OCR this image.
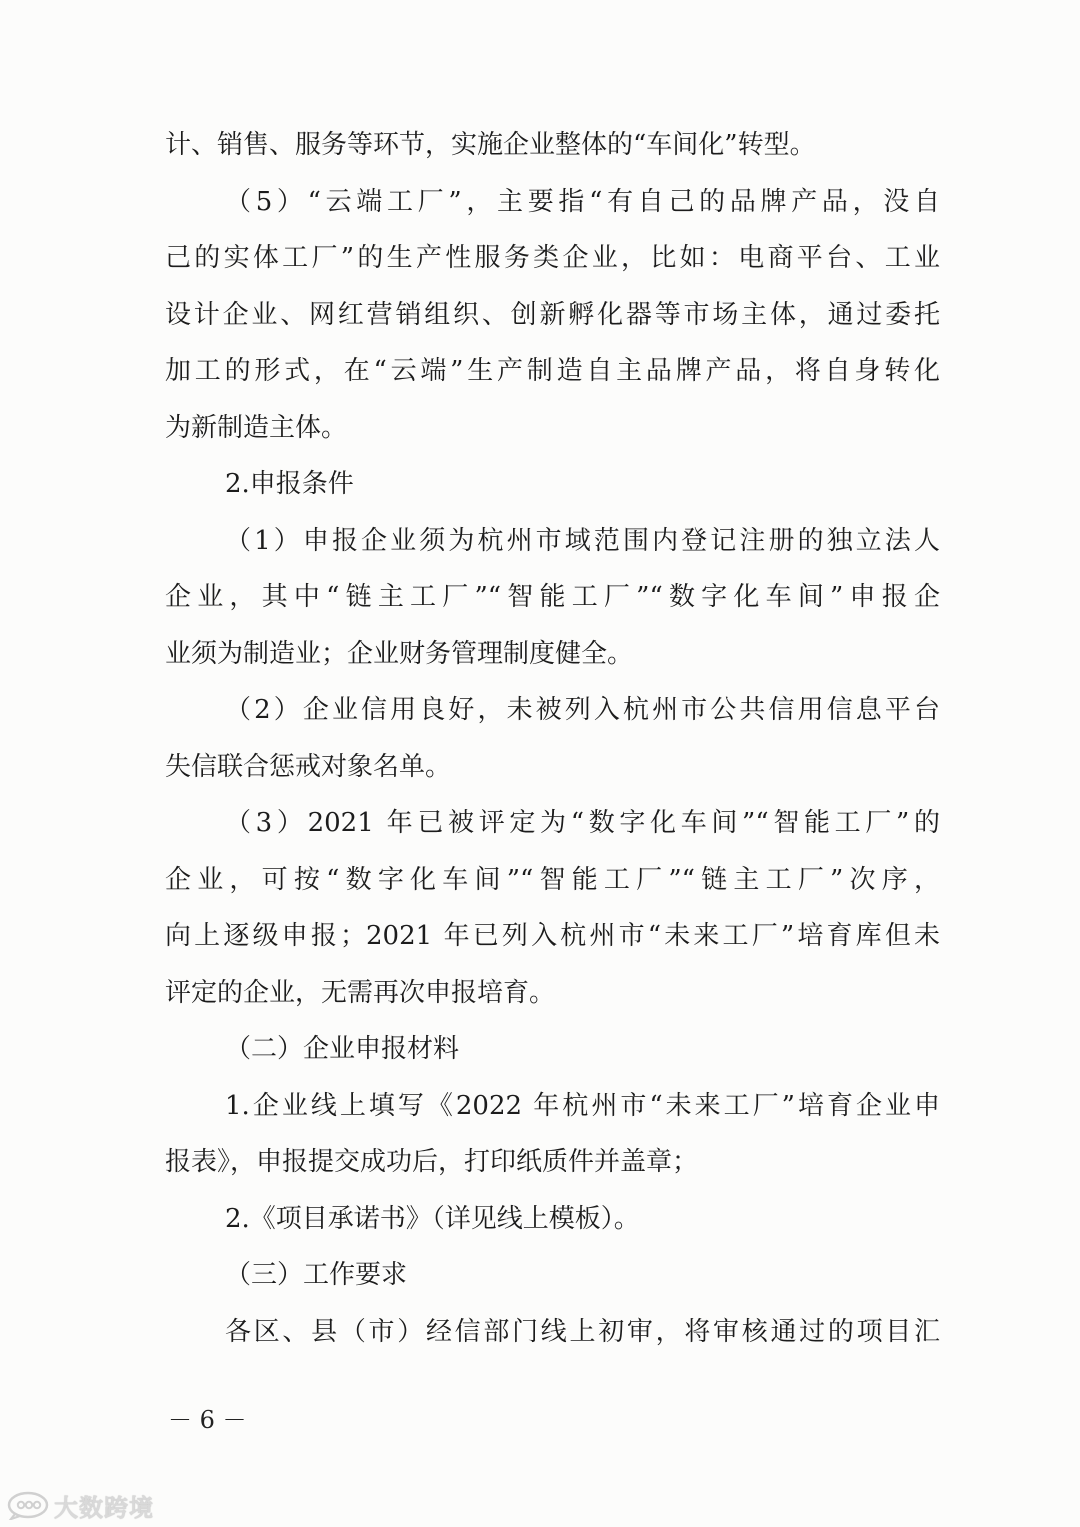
计、销售、服务等环节，实施企业整体的“车间化”转型。
（5）“云端工厂”，主要指“有自己的品牌产品，没自
己的实体工厂”的生产性服务类企业，比如：电商平台、工业
设计企业、网红营销组织、创新孵化器等市场主体，通过委托
加工的形式，在“云端”生产制造自主品牌产品，将自身转化
为新制造主体。
2.申报条件
（1）申报企业须为杭州市域范围内登记注册的独立法人
企业，其中“链主工厂”“智能工厂”“数字化车间”申报企
业须为制造业；企业财务管理制度健全。
（2）企业信用良好，未被列入杭州市公共信用信息平台
失信联合惩戒对象名单。
（3）2021 年已被评定为“数字化车间”“智能工厂”的
企业，可按“数字化车间”“智能工厂”“链主工厂”次序，
向上逐级申报；2021 年已列入杭州市“未来工厂”培育库但未
评定的企业，无需再次申报培育。
（二）企业申报材料
1.企业线上填写《2022 年杭州市“未来工厂”培育企业申
报表》，申报提交成功后，打印纸质件并盖章；
2.《项目承诺书》（详见线上模板）。
（三）工作要求
各区、县（市）经信部门线上初审，将审核通过的项目汇
－ 6 －
大数跨境
